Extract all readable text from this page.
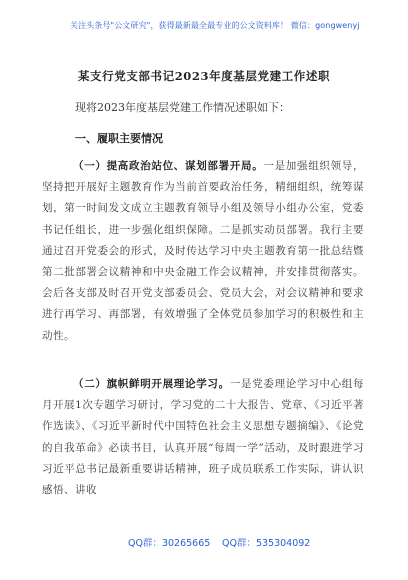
关注头条号"公文研究"，获得最新最全最专业的公文资料库！ 微信：gongwenyj
某支行党支部书记2023年度基层党建工作述职
现将2023年度基层党建工作情况述职如下：
一、履职主要情况
（一）提高政治站位、谋划部署开局。一是加强组织领导，坚持把开展好主题教育作为当前首要政治任务，精细组织，统筹谋划，第一时间发文成立主题教育领导小组及领导小组办公室，党委书记任组长，进一步强化组织保障。二是抓实动员部署。我行主要通过召开党委会的形式，及时传达学习中央主题教育第一批总结暨第二批部署会议精神和中央金融工作会议精神，并安排贯彻落实。会后各支部及时召开党支部委员会、党员大会，对会议精神和要求进行再学习、再部署，有效增强了全体党员参加学习的积极性和主动性。
（二）旗帜鲜明开展理论学习。一是党委理论学习中心组每月开展1次专题学习研讨，学习党的二十大报告、党章、《习近平著作选读》、《习近平新时代中国特色社会主义思想专题摘编》、《论党的自我革命》必读书目，认真开展“每周一学”活动，及时跟进学习习近平总书记最新重要讲话精神，班子成员联系工作实际，讲认识感悟、讲收
QQ群：30265665 QQ群：535304092
